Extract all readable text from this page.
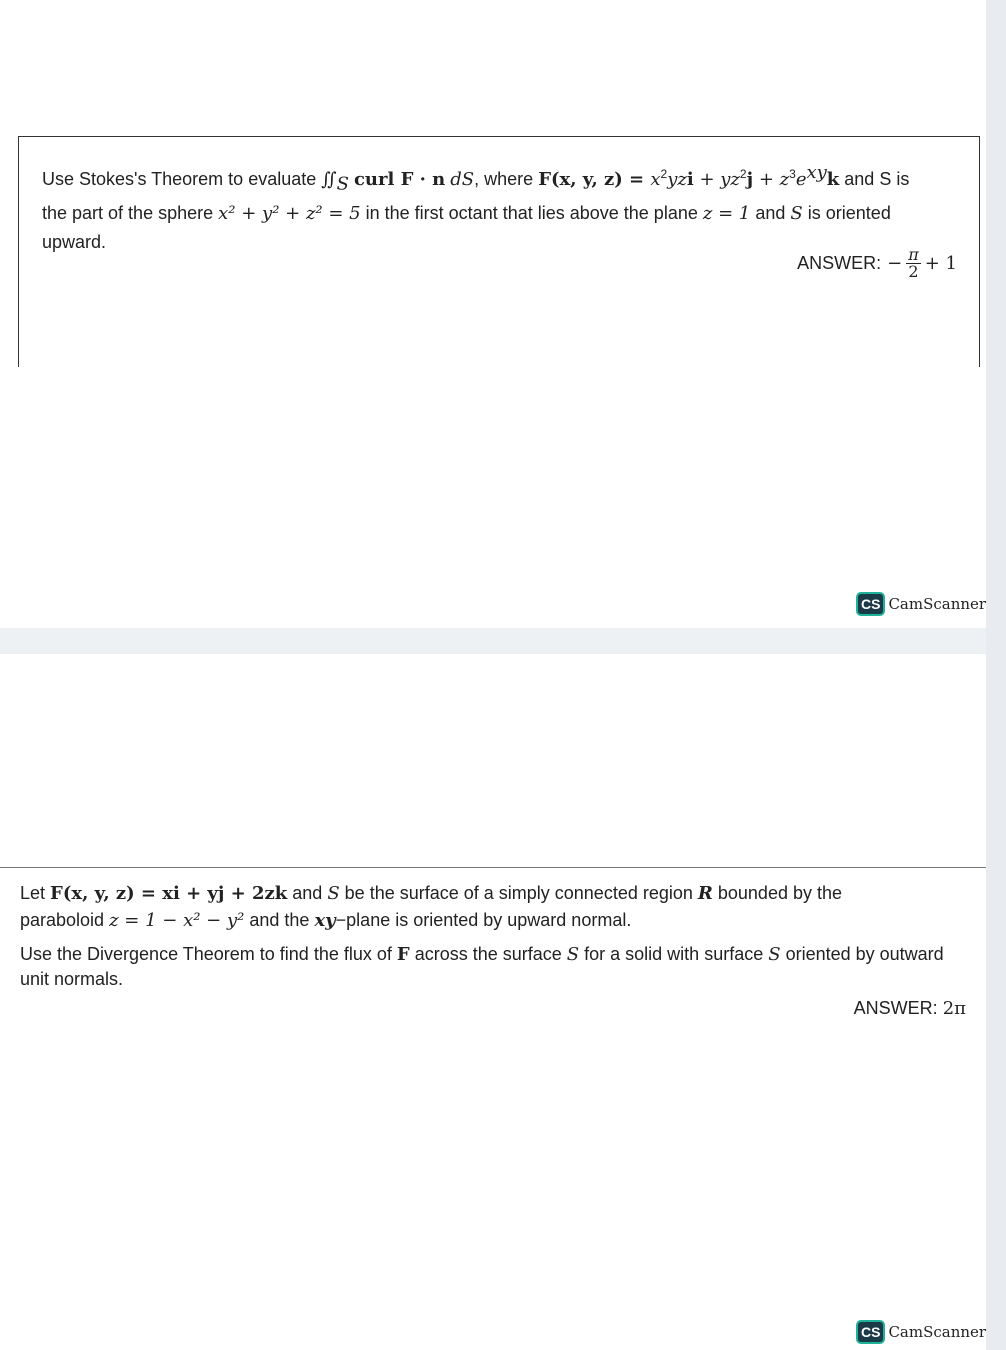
Use Stokes's Theorem to evaluate $∬_S$ curl F · n dS, where F(x, y, $z) = x^2yzi + yz^2j + z^3e^{xy}k$ and S is
the part of the sphere x² + y² + z² = 5 in the first octant that lies above the plane z = 1 and S is oriented
upward.
ANSWER: − $\frac{\pi}{2} + 1$
CS CamScanner
Let F(x, y, z) = xi + yj + 2zk and S be the surface of a simply connected region R bounded by the
paraboloid z = 1 − x² − y² and the xy−plane is oriented by upward normal.
Use the Divergence Theorem to find the flux of F across the surface S for a solid with surface S oriented by outward unit normals.
ANSWER: 2π
CS CamScanner
